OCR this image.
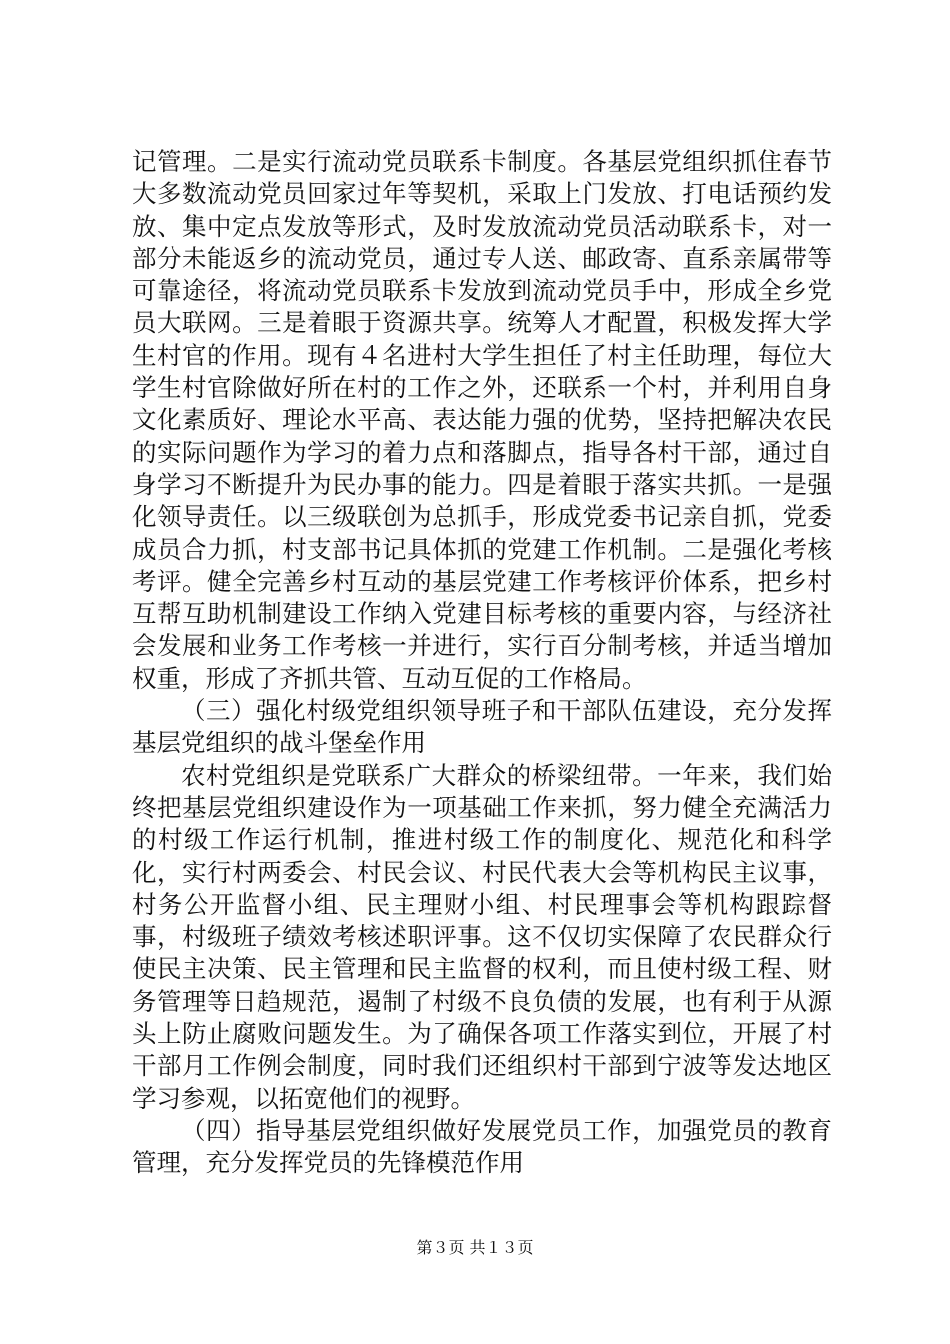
记管理。二是实行流动党员联系卡制度。各基层党组织抓住春节大多数流动党员回家过年等契机，采取上门发放、打电话预约发放、集中定点发放等形式，及时发放流动党员活动联系卡，对一部分未能返乡的流动党员，通过专人送、邮政寄、直系亲属带等可靠途径，将流动党员联系卡发放到流动党员手中，形成全乡党员大联网。三是着眼于资源共享。统筹人才配置，积极发挥大学生村官的作用。现有４名进村大学生担任了村主任助理，每位大学生村官除做好所在村的工作之外，还联系一个村，并利用自身文化素质好、理论水平高、表达能力强的优势，坚持把解决农民的实际问题作为学习的着力点和落脚点，指导各村干部，通过自身学习不断提升为民办事的能力。四是着眼于落实共抓。一是强化领导责任。以三级联创为总抓手，形成党委书记亲自抓，党委成员合力抓，村支部书记具体抓的党建工作机制。二是强化考核考评。健全完善乡村互动的基层党建工作考核评价体系，把乡村互帮互助机制建设工作纳入党建目标考核的重要内容，与经济社会发展和业务工作考核一并进行，实行百分制考核，并适当增加权重，形成了齐抓共管、互动互促的工作格局。

（三）强化村级党组织领导班子和干部队伍建设，充分发挥基层党组织的战斗堡垒作用

农村党组织是党联系广大群众的桥梁纽带。一年来，我们始终把基层党组织建设作为一项基础工作来抓，努力健全充满活力的村级工作运行机制，推进村级工作的制度化、规范化和科学化，实行村两委会、村民会议、村民代表大会等机构民主议事，村务公开监督小组、民主理财小组、村民理事会等机构跟踪督事，村级班子绩效考核述职评事。这不仅切实保障了农民群众行使民主决策、民主管理和民主监督的权利，而且使村级工程、财务管理等日趋规范，遏制了村级不良负债的发展，也有利于从源头上防止腐败问题发生。为了确保各项工作落实到位，开展了村干部月工作例会制度，同时我们还组织村干部到宁波等发达地区学习参观，以拓宽他们的视野。

（四）指导基层党组织做好发展党员工作，加强党员的教育管理，充分发挥党员的先锋模范作用

第３页 共１３页
